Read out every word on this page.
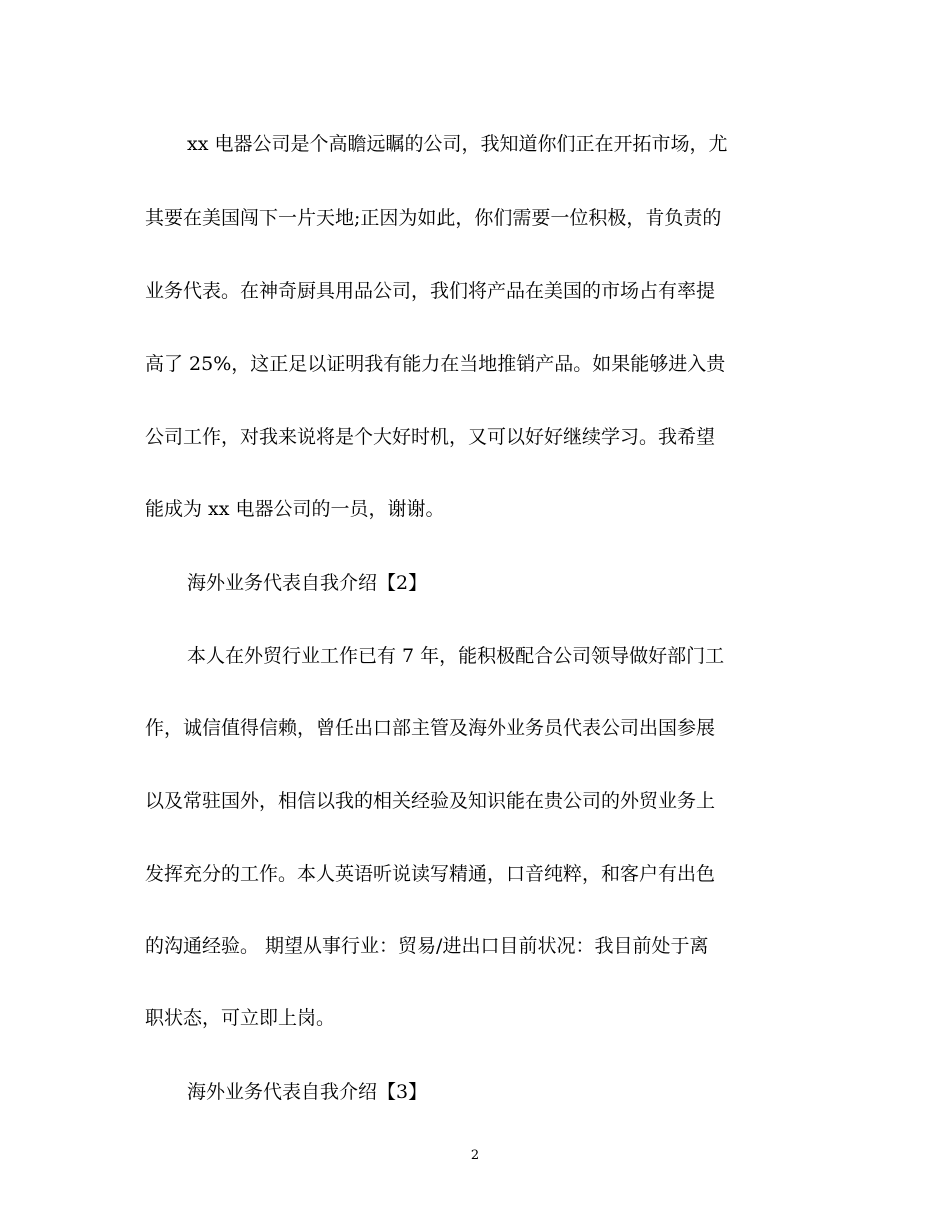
xx 电器公司是个高瞻远瞩的公司，我知道你们正在开拓市场，尤
其要在美国闯下一片天地;正因为如此，你们需要一位积极，肯负责的
业务代表。在神奇厨具用品公司，我们将产品在美国的市场占有率提
高了 25%，这正足以证明我有能力在当地推销产品。如果能够进入贵
公司工作，对我来说将是个大好时机，又可以好好继续学习。我希望
能成为 xx 电器公司的一员，谢谢。
海外业务代表自我介绍【2】
本人在外贸行业工作已有 7 年，能积极配合公司领导做好部门工
作，诚信值得信赖，曾任出口部主管及海外业务员代表公司出国参展
以及常驻国外，相信以我的相关经验及知识能在贵公司的外贸业务上
发挥充分的工作。本人英语听说读写精通，口音纯粹，和客户有出色
的沟通经验。 期望从事行业：贸易/进出口目前状况：我目前处于离
职状态，可立即上岗。
海外业务代表自我介绍【3】
2
